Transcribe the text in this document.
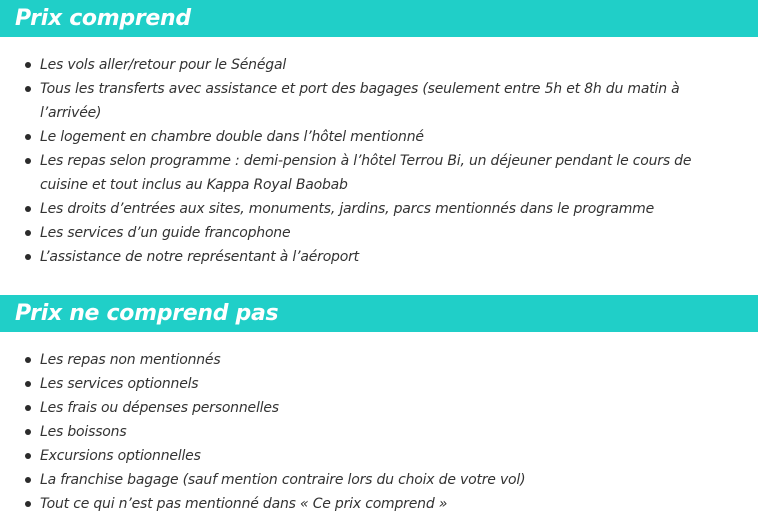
Prix comprend
Les vols aller/retour pour le Sénégal
Tous les transferts avec assistance et port des bagages (seulement entre 5h et 8h du matin à l’arrivée)
Le logement en chambre double dans l’hôtel mentionné
Les repas selon programme : demi-pension à l’hôtel Terrou Bi, un déjeuner pendant le cours de cuisine et tout inclus au Kappa Royal Baobab
Les droits d’entrées aux sites, monuments, jardins, parcs mentionnés dans le programme
Les services d’un guide francophone
L’assistance de notre représentant à l’aéroport
Prix ne comprend pas
Les repas non mentionnés
Les services optionnels
Les frais ou dépenses personnelles
Les boissons
Excursions optionnelles
La franchise bagage (sauf mention contraire lors du choix de votre vol)
Tout ce qui n’est pas mentionné dans « Ce prix comprend »
